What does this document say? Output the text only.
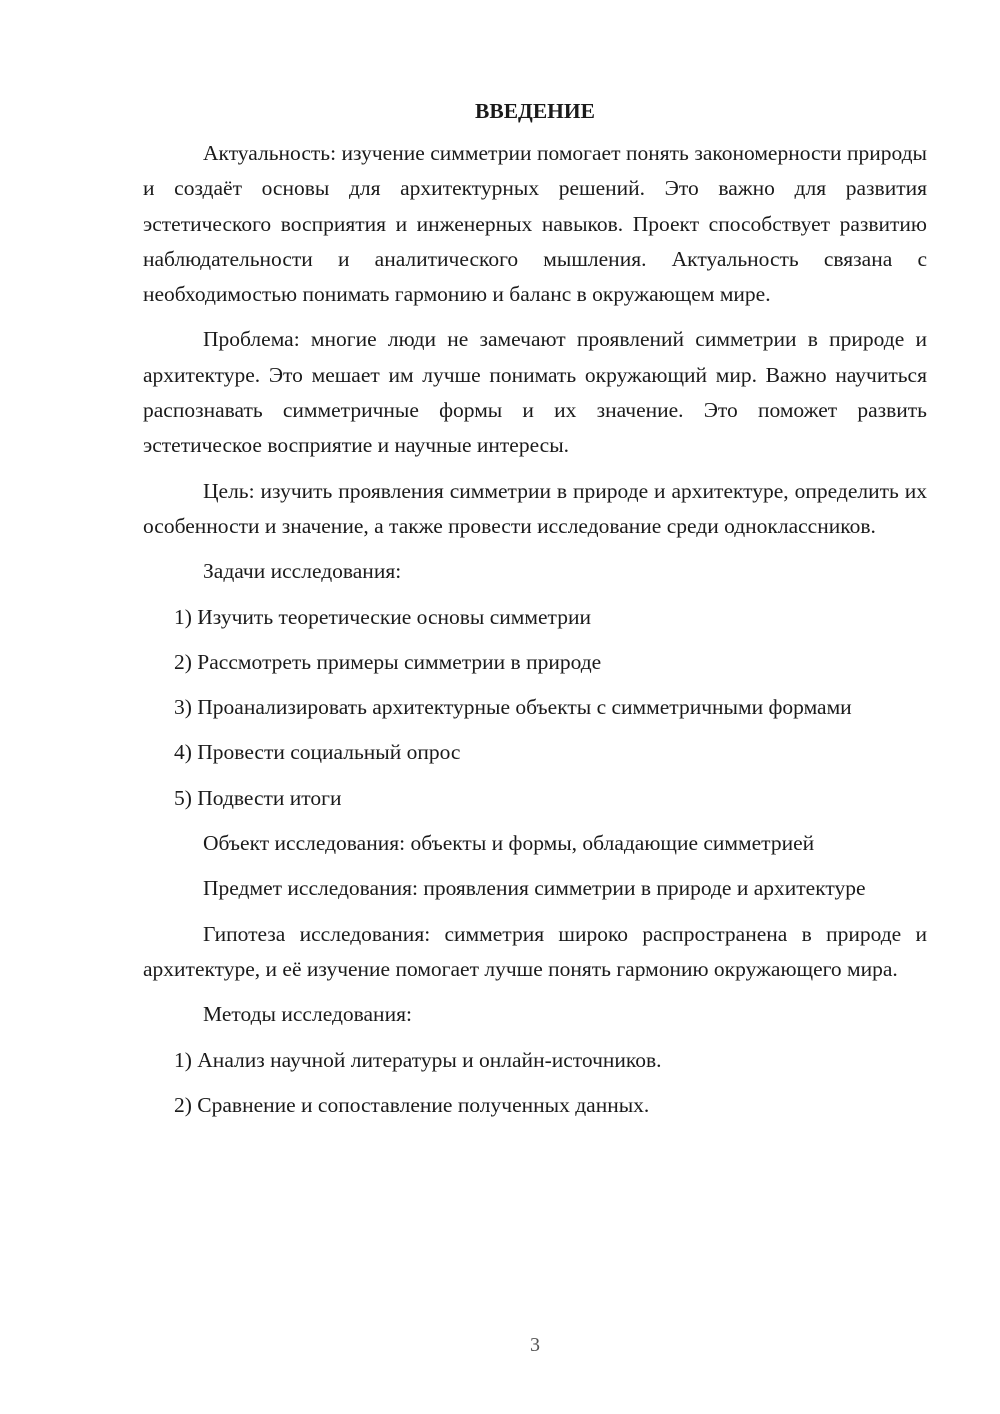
ВВЕДЕНИЕ
Актуальность: изучение симметрии помогает понять закономерности природы и создаёт основы для архитектурных решений. Это важно для развития эстетического восприятия и инженерных навыков. Проект способствует развитию наблюдательности и аналитического мышления. Актуальность связана с необходимостью понимать гармонию и баланс в окружающем мире.
Проблема: многие люди не замечают проявлений симметрии в природе и архитектуре. Это мешает им лучше понимать окружающий мир. Важно научиться распознавать симметричные формы и их значение. Это поможет развить эстетическое восприятие и научные интересы.
Цель: изучить проявления симметрии в природе и архитектуре, определить их особенности и значение, а также провести исследование среди одноклассников.
Задачи исследования:
1) Изучить теоретические основы симметрии
2) Рассмотреть примеры симметрии в природе
3) Проанализировать архитектурные объекты с симметричными формами
4) Провести социальный опрос
5) Подвести итоги
Объект исследования: объекты и формы, обладающие симметрией
Предмет исследования: проявления симметрии в природе и архитектуре
Гипотеза исследования: симметрия широко распространена в природе и архитектуре, и её изучение помогает лучше понять гармонию окружающего мира.
Методы исследования:
1) Анализ научной литературы и онлайн-источников.
2) Сравнение и сопоставление полученных данных.
3
